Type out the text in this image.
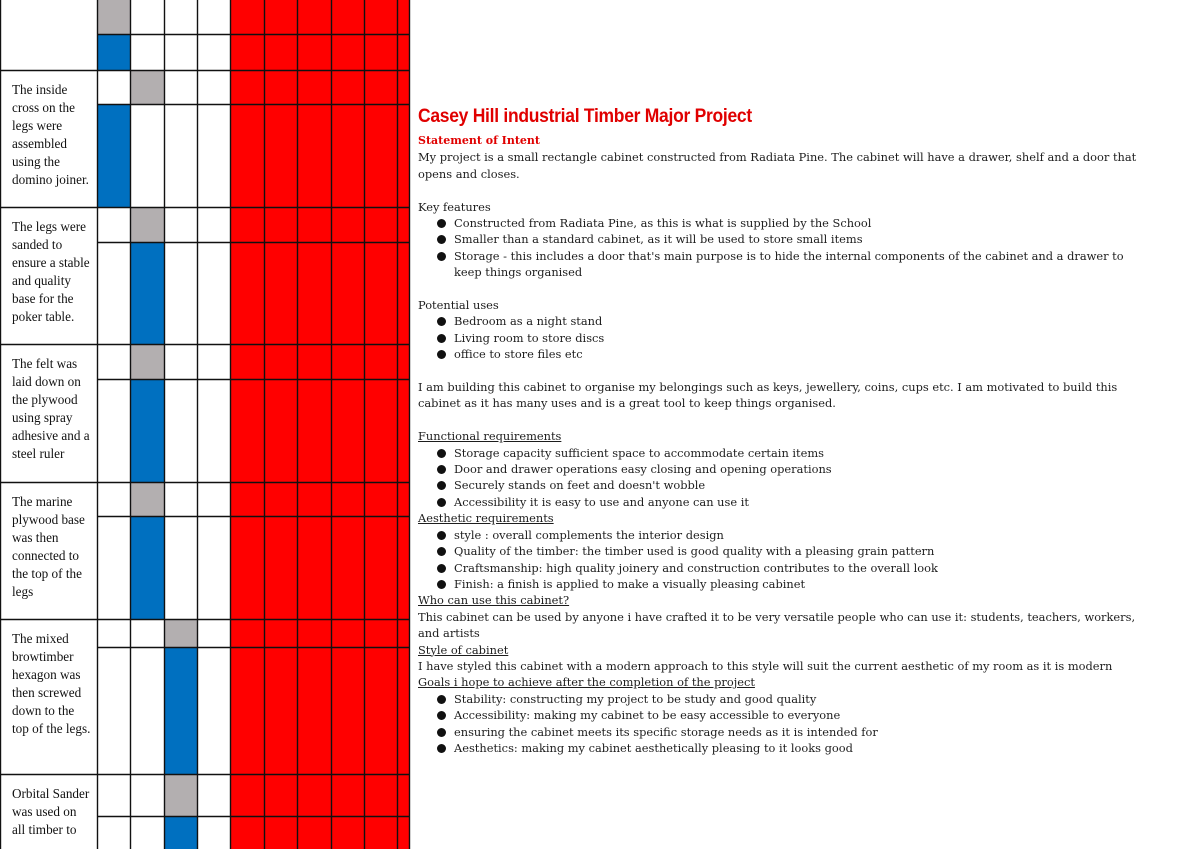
The inside cross on the legs were assembled using the domino joiner.
The legs were sanded to ensure a stable and quality base for the poker table.
The felt was laid down on the plywood using spray adhesive and a steel ruler
The marine plywood base was then connected to the top of the legs
The mixed browtimber hexagon was then screwed down to the top of the legs.
Orbital Sander was used on all timber to
Casey Hill industrial Timber Major Project
Statement of Intent

My project is a small rectangle cabinet constructed from Radiata Pine. The cabinet will have a drawer, shelf and a door that opens and closes.

Key features

Constructed from Radiata Pine, as this is what is supplied by the School
Smaller than a standard cabinet, as it will be used to store small items
Storage - this includes a door that's main purpose is to hide the internal components of the cabinet and a drawer to keep things organised

Potential uses

Bedroom as a night stand
Living room to store discs
office to store files etc

I am building this cabinet to organise my belongings such as keys, jewellery, coins, cups etc. I am motivated to build this cabinet as it has many uses and is a great tool to keep things organised.

Functional requirements

Storage capacity sufficient space to accommodate certain items
Door and drawer operations easy closing and opening operations
Securely stands on feet and doesn't wobble
Accessibility it is easy to use and anyone can use it

Aesthetic requirements

style : overall complements the interior design
Quality of the timber: the timber used is good quality with a pleasing grain pattern
Craftsmanship: high quality joinery and construction contributes to the overall look
Finish: a finish is applied to make a visually pleasing cabinet

Who can use this cabinet?

This cabinet can be used by anyone i have crafted it to be very versatile people who can use it: students, teachers, workers, and artists

Style of cabinet

I have styled this cabinet with a modern approach to this style will suit the current aesthetic of my room as it is modern

Goals i hope to achieve after the completion of the project

Stability: constructing my project to be study and good quality
Accessibility: making my cabinet to be easy accessible to everyone
ensuring the cabinet meets its specific storage needs as it is intended for
Aesthetics: making my cabinet aesthetically pleasing to it looks good
